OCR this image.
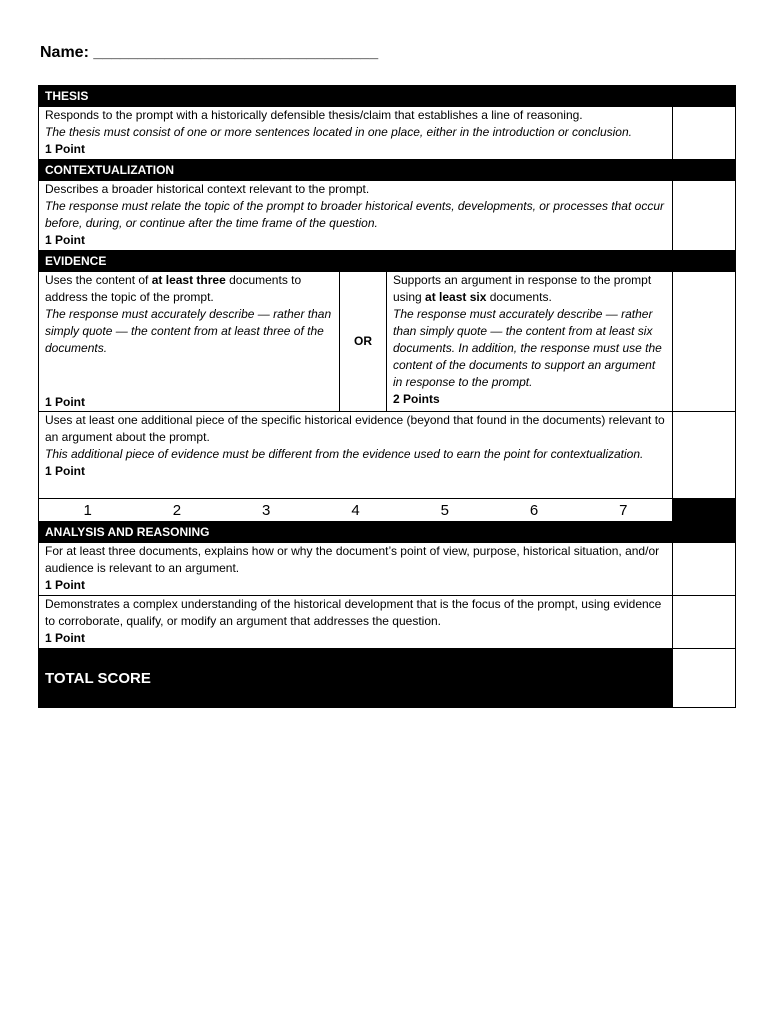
Name: ________________________________
THESIS
Responds to the prompt with a historically defensible thesis/claim that establishes a line of reasoning.
The thesis must consist of one or more sentences located in one place, either in the introduction or conclusion.
1 Point
CONTEXTUALIZATION
Describes a broader historical context relevant to the prompt.
The response must relate the topic of the prompt to broader historical events, developments, or processes that occur before, during, or continue after the time frame of the question.
1 Point
EVIDENCE
Uses the content of at least three documents to address the topic of the prompt.
The response must accurately describe — rather than simply quote — the content from at least three of the documents.
1 Point
OR
Supports an argument in response to the prompt using at least six documents.
The response must accurately describe — rather than simply quote — the content from at least six documents. In addition, the response must use the content of the documents to support an argument in response to the prompt.
2 Points
Uses at least one additional piece of the specific historical evidence (beyond that found in the documents) relevant to an argument about the prompt.
This additional piece of evidence must be different from the evidence used to earn the point for contextualization.
1 Point
1	2	3	4	5	6	7
ANALYSIS AND REASONING
For at least three documents, explains how or why the document’s point of view, purpose, historical situation, and/or audience is relevant to an argument.
1 Point
Demonstrates a complex understanding of the historical development that is the focus of the prompt, using evidence to corroborate, qualify, or modify an argument that addresses the question.
1 Point
TOTAL SCORE
